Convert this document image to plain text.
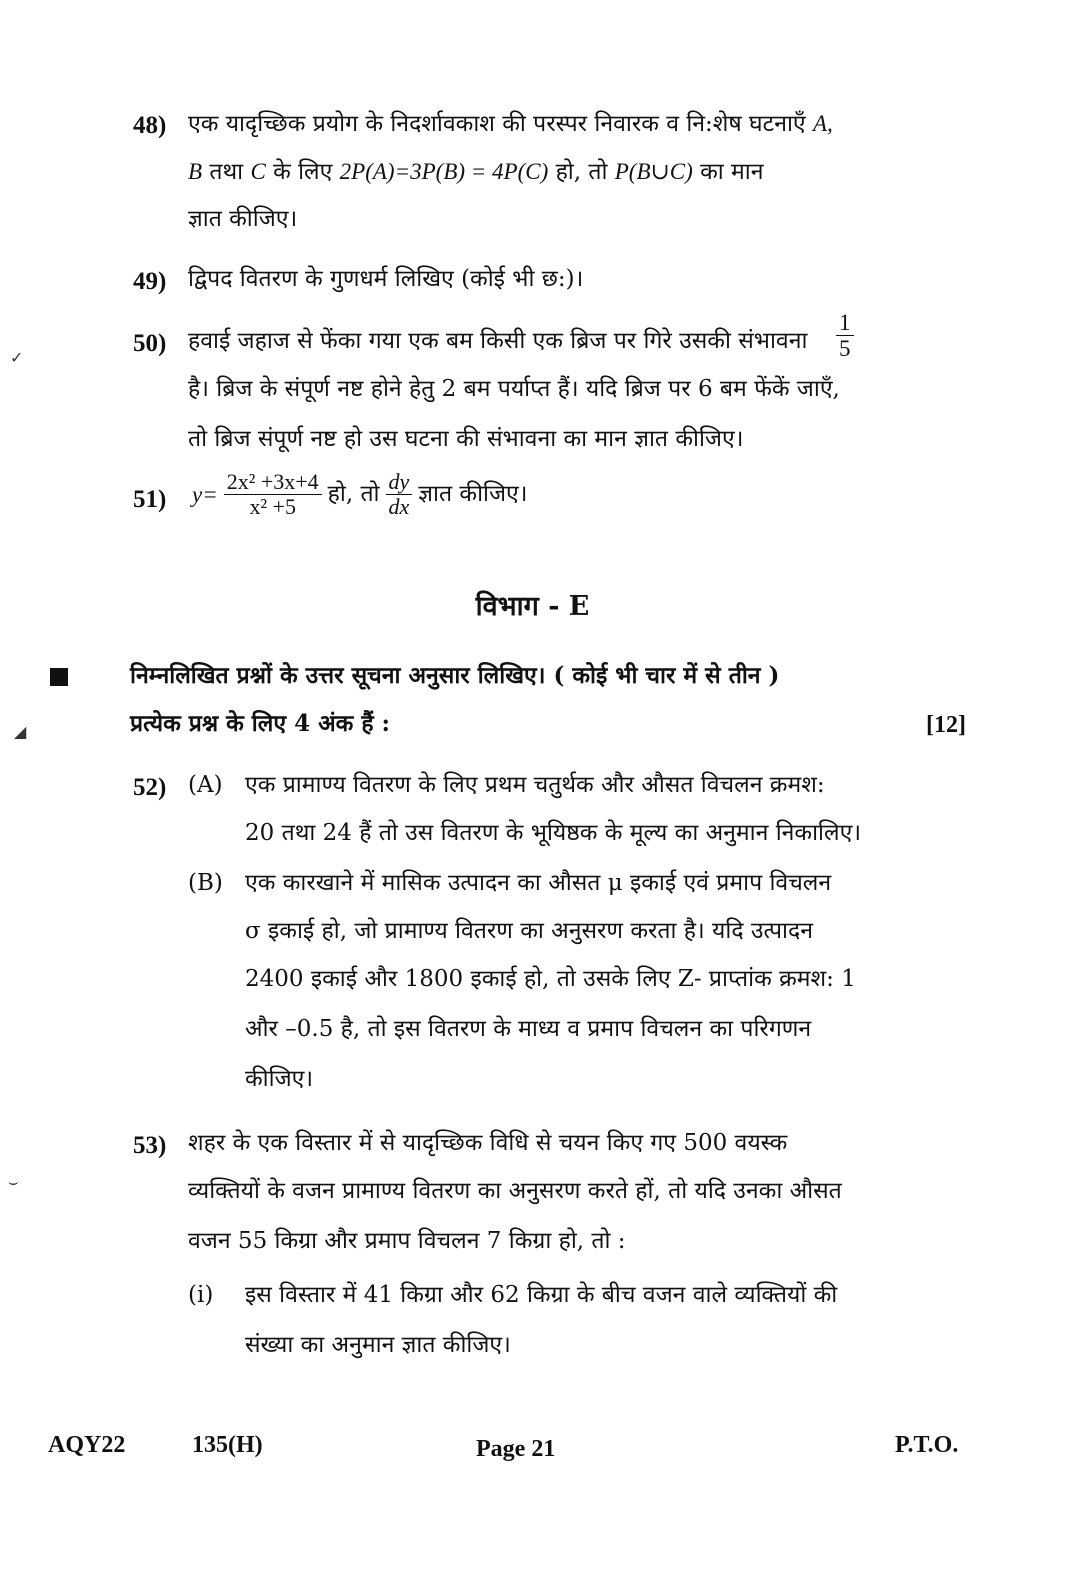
✓
◢
⌣
48) एक यादृच्छिक प्रयोग के निदर्शावकाश की परस्पर निवारक व नि:शेष घटनाएँ A,
B तथा C के लिए 2P(A)=3P(B) = 4P(C) हो, तो P(B∪C) का मान
ज्ञात कीजिए।
49) द्विपद वितरण के गुणधर्म लिखिए (कोई भी छ:)।
50) हवाई जहाज से फेंका गया एक बम किसी एक ब्रिज पर गिरे उसकी संभावना $\frac{1}{5}$
है। ब्रिज के संपूर्ण नष्ट होने हेतु 2 बम पर्याप्त हैं। यदि ब्रिज पर 6 बम फेंकें जाएँ,
तो ब्रिज संपूर्ण नष्ट हो उस घटना की संभावना का मान ज्ञात कीजिए।
51) $y= \frac{\text{2x² +3x+4}}{\text{x² +5}}$ हो, तो $\frac{dy}{dx}$ ज्ञात कीजिए।
विभाग - E
निम्नलिखित प्रश्नों के उत्तर सूचना अनुसार लिखिए। ( कोई भी चार में से तीन )
प्रत्येक प्रश्न के लिए 4 अंक हैं :	[12]
52) (A) एक प्रामाण्य वितरण के लिए प्रथम चतुर्थक और औसत विचलन क्रमश:
20 तथा 24 हैं तो उस वितरण के भूयिष्ठक के मूल्य का अनुमान निकालिए।
(B) एक कारखाने में मासिक उत्पादन का औसत μ इकाई एवं प्रमाप विचलन
σ इकाई हो, जो प्रामाण्य वितरण का अनुसरण करता है। यदि उत्पादन
2400 इकाई और 1800 इकाई हो, तो उसके लिए Z- प्राप्तांक क्रमश: 1
और –0.5 है, तो इस वितरण के माध्य व प्रमाप विचलन का परिगणन
कीजिए।
53) शहर के एक विस्तार में से यादृच्छिक विधि से चयन किए गए 500 वयस्क
व्यक्तियों के वजन प्रामाण्य वितरण का अनुसरण करते हों, तो यदि उनका औसत
वजन 55 किग्रा और प्रमाप विचलन 7 किग्रा हो, तो :
(i) इस विस्तार में 41 किग्रा और 62 किग्रा के बीच वजन वाले व्यक्तियों की
संख्या का अनुमान ज्ञात कीजिए।
AQY22	135(H)	Page 21	P.T.O.
